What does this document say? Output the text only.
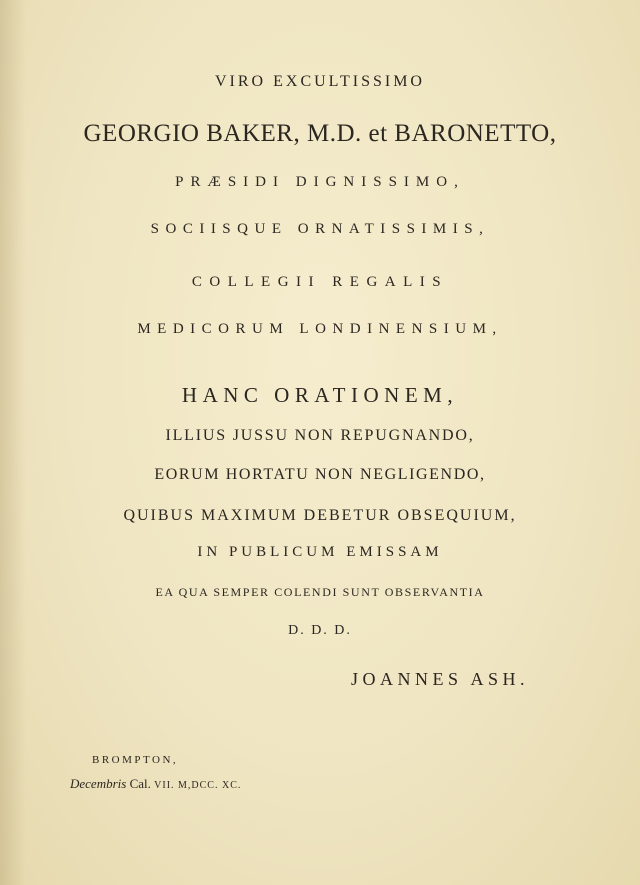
VIRO EXCULTISSIMO
GEORGIO BAKER, M.D. et BARONETTO,
PRÆSIDI DIGNISSIMO,
SOCIISQUE ORNATISSIMIS,
COLLEGII REGALIS
MEDICORUM LONDINENSIUM,
HANC ORATIONEM,
ILLIUS JUSSU NON REPUGNANDO,
EORUM HORTATU NON NEGLIGENDO,
QUIBUS MAXIMUM DEBETUR OBSEQUIUM,
IN PUBLICUM EMISSAM
EA QUA SEMPER COLENDI SUNT OBSERVANTIA
D. D. D.
JOANNES ASH.
BROMPTON,
Decembris Cal. VII. M,DCC. XC.
